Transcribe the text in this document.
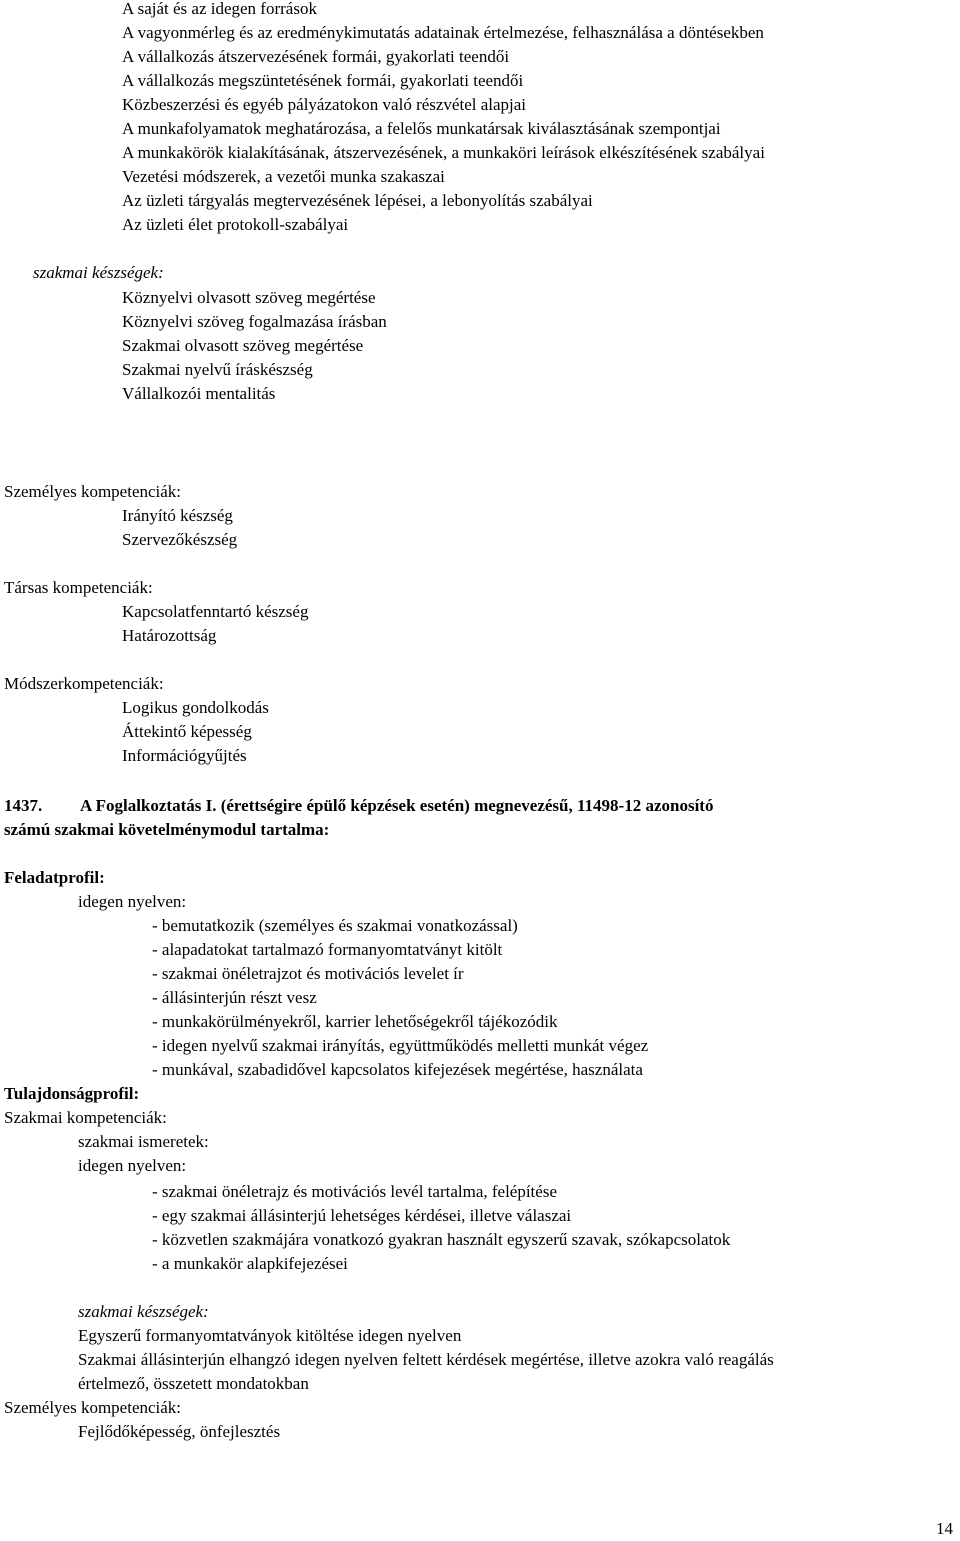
A saját és az idegen források
A vagyonmérleg és az eredménykimutatás adatainak értelmezése, felhasználása a döntésekben
A vállalkozás átszervezésének formái, gyakorlati teendői
A vállalkozás megszüntetésének formái, gyakorlati teendői
Közbeszerzési és egyéb pályázatokon való részvétel alapjai
A munkafolyamatok meghatározása, a felelős munkatársak kiválasztásának szempontjai
A munkakörök kialakításának, átszervezésének, a munkaköri leírások elkészítésének szabályai
Vezetési módszerek, a vezetői munka szakaszai
Az üzleti tárgyalás megtervezésének lépései, a lebonyolítás szabályai
Az üzleti élet protokoll-szabályai
szakmai készségek:
Köznyelvi olvasott szöveg megértése
Köznyelvi szöveg fogalmazása írásban
Szakmai olvasott szöveg megértése
Szakmai nyelvű íráskészség
Vállalkozói mentalitás
Személyes kompetenciák:
Irányító készség
Szervezőkészség
Társas kompetenciák:
Kapcsolatfenntartó készség
Határozottság
Módszerkompetenciák:
Logikus gondolkodás
Áttekintő képesség
Információgyűjtés
1437. A Foglalkoztatás I. (érettségire épülő képzések esetén) megnevezésű, 11498-12 azonosító
számú szakmai követelménymodul tartalma:
Feladatprofil:
idegen nyelven:
- bemutatkozik (személyes és szakmai vonatkozással)
- alapadatokat tartalmazó formanyomtatványt kitölt
- szakmai önéletrajzot és motivációs levelet ír
- állásinterjún részt vesz
- munkakörülményekről, karrier lehetőségekről tájékozódik
- idegen nyelvű szakmai irányítás, együttműködés melletti munkát végez
- munkával, szabadidővel kapcsolatos kifejezések megértése, használata
Tulajdonságprofil:
Szakmai kompetenciák:
szakmai ismeretek:
idegen nyelven:
- szakmai önéletrajz és motivációs levél tartalma, felépítése
- egy szakmai állásinterjú lehetséges kérdései, illetve válaszai
- közvetlen szakmájára vonatkozó gyakran használt egyszerű szavak, szókapcsolatok
- a munkakör alapkifejezései
szakmai készségek:
Egyszerű formanyomtatványok kitöltése idegen nyelven
Szakmai állásinterjún elhangzó idegen nyelven feltett kérdések megértése, illetve azokra való reagálás
értelmező, összetett mondatokban
Személyes kompetenciák:
Fejlődőképesség, önfejlesztés
14
